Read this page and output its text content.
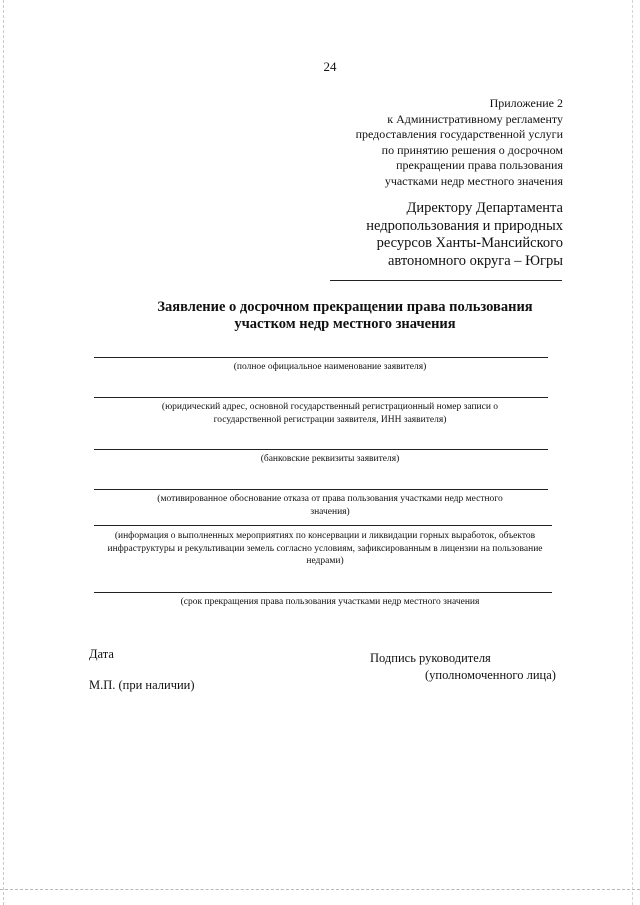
24
Приложение 2
к Административному регламенту
предоставления государственной услуги
по принятию решения о досрочном
прекращении права пользования
участками недр местного значения
Директору Департамента
недропользования и природных
ресурсов Ханты-Мансийского
автономного округа – Югры
Заявление о досрочном прекращении права пользования
участком недр местного значения
(полное официальное наименование заявителя)
(юридический адрес, основной государственный регистрационный номер записи о государственной регистрации заявителя, ИНН заявителя)
(банковские реквизиты заявителя)
(мотивированное обоснование отказа от права пользования участками недр местного значения)
(информация о выполненных мероприятиях по консервации и ликвидации горных выработок, объектов инфраструктуры и рекультивации земель согласно условиям, зафиксированным в лицензии на пользование недрами)
(срок прекращения права пользования участками недр местного значения
Дата
М.П. (при наличии)
Подпись руководителя
(уполномоченного лица)
